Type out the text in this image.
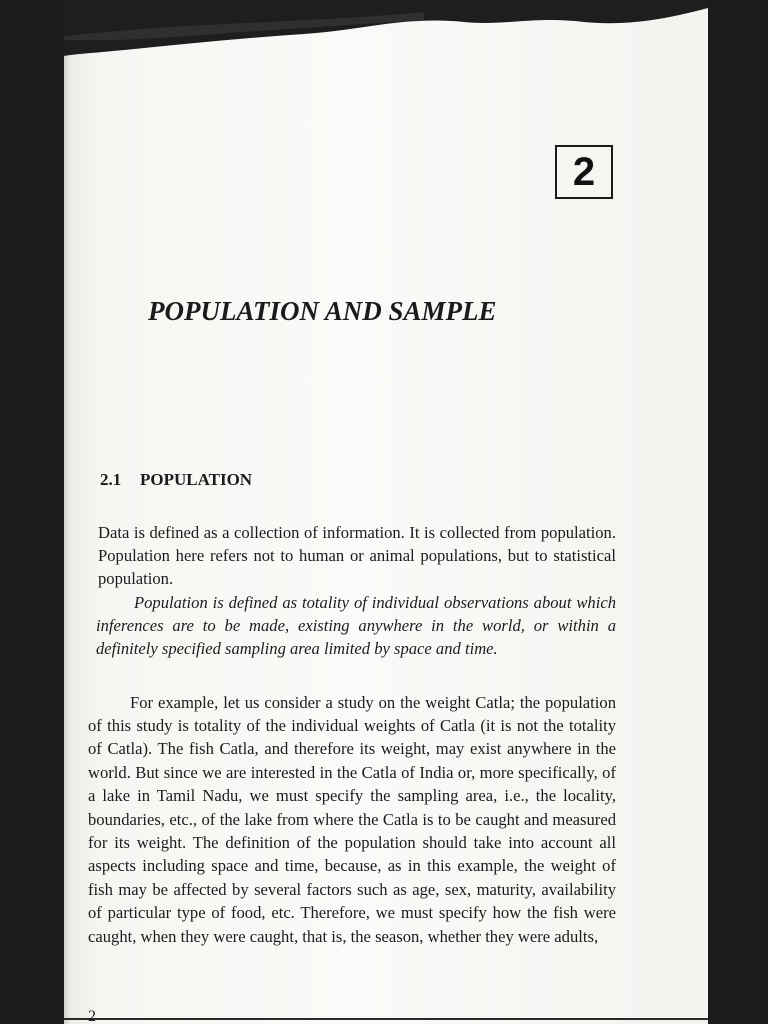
2
POPULATION AND SAMPLE
2.1 POPULATION

Data is defined as a collection of information. It is collected from population. Population here refers not to human or animal populations, but to statistical population.

Population is defined as totality of individual observations about which inferences are to be made, existing anywhere in the world, or within a definitely specified sampling area limited by space and time.

For example, let us consider a study on the weight Catla; the population of this study is totality of the individual weights of Catla (it is not the totality of Catla). The fish Catla, and therefore its weight, may exist anywhere in the world. But since we are interested in the Catla of India or, more specifically, of a lake in Tamil Nadu, we must specify the sampling area, i.e., the locality, boundaries, etc., of the lake from where the Catla is to be caught and measured for its weight. The definition of the population should take into account all aspects including space and time, because, as in this example, the weight of fish may be affected by several factors such as age, sex, maturity, availability of particular type of food, etc. Therefore, we must specify how the fish were caught, when they were caught, that is, the season, whether they were adults,

2
